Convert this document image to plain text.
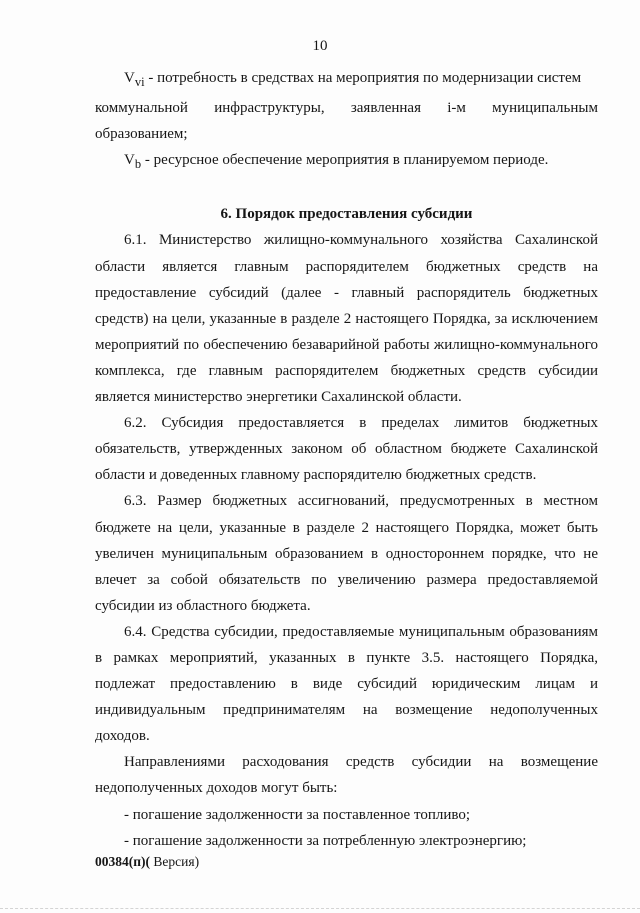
10

$V_{vi}$ - потребность в средствах на мероприятия по модернизации систем

коммунальной инфраструктуры, заявленная i-м муниципальным
образованием;

$V_b$ - ресурсное обеспечение мероприятия в планируемом периоде.

6. Порядок предоставления субсидии

6.1. Министерство жилищно-коммунального хозяйства Сахалинской области является главным распорядителем бюджетных средств на предоставление субсидий (далее - главный распорядитель бюджетных средств) на цели, указанные в разделе 2 настоящего Порядка, за исключением мероприятий по обеспечению безаварийной работы жилищно-коммунального комплекса, где главным распорядителем бюджетных средств субсидии является министерство энергетики Сахалинской области.

6.2. Субсидия предоставляется в пределах лимитов бюджетных обязательств, утвержденных законом об областном бюджете Сахалинской области и доведенных главному распорядителю бюджетных средств.

6.3. Размер бюджетных ассигнований, предусмотренных в местном бюджете на цели, указанные в разделе 2 настоящего Порядка, может быть увеличен муниципальным образованием в одностороннем порядке, что не влечет за собой обязательств по увеличению размера предоставляемой субсидии из областного бюджета.

6.4. Средства субсидии, предоставляемые муниципальным образованиям в рамках мероприятий, указанных в пункте 3.5. настоящего Порядка, подлежат предоставлению в виде субсидий юридическим лицам и индивидуальным предпринимателям на возмещение недополученных доходов.

Направлениями расходования средств субсидии на возмещение недополученных доходов могут быть:

- погашение задолженности за поставленное топливо;

- погашение задолженности за потребленную электроэнергию;

00384(п)( Версия)
